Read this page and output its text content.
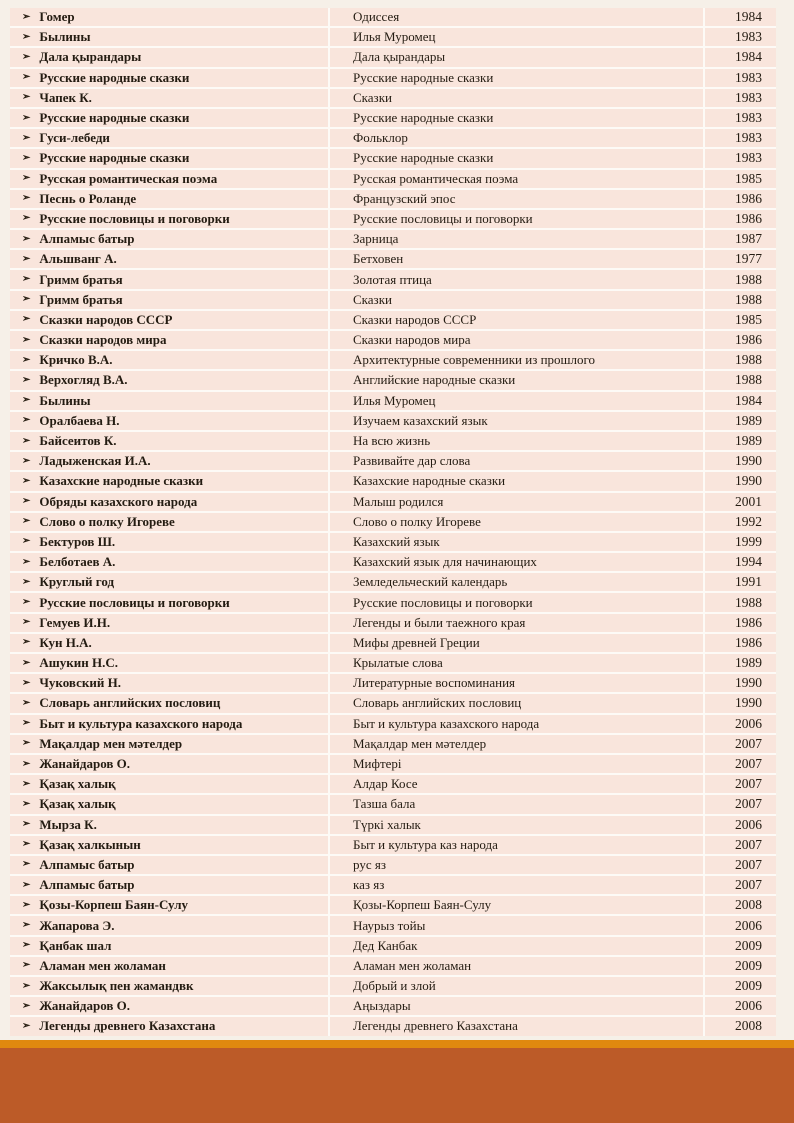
➢ Гомер	Одиссея	1984
➢ Былины	Илья Муромец	1983
➢ Дала қырандары	Дала қырандары	1984
➢ Русские народные сказки	Русские народные сказки	1983
➢ Чапек К.	Сказки	1983
➢ Русские народные сказки	Русские народные сказки	1983
➢ Гуси-лебеди	Фольклор	1983
➢ Русские народные сказки	Русские народные сказки	1983
➢ Русская романтическая поэма	Русская романтическая поэма	1985
➢ Песнь о Роланде	Французский эпос	1986
➢ Русские пословицы и поговорки	Русские пословицы и поговорки	1986
➢ Алпамыс батыр	Зарница	1987
➢ Альшванг А.	Бетховен	1977
➢ Гримм братья	Золотая птица	1988
➢ Гримм братья	Сказки	1988
➢ Сказки народов СССР	Сказки народов СССР	1985
➢ Сказки народов мира	Сказки народов мира	1986
➢ Кричко В.А.	Архитектурные современники из прошлого	1988
➢ Верхогляд В.А.	Английские народные сказки	1988
➢ Былины	Илья Муромец	1984
➢ Оралбаева Н.	Изучаем казахский язык	1989
➢ Байсеитов К.	На всю жизнь	1989
➢ Ладыженская И.А.	Развивайте дар слова	1990
➢ Казахские народные сказки	Казахские народные сказки	1990
➢ Обряды казахского народа	Малыш родился	2001
➢ Слово о полку Игореве	Слово о полку Игореве	1992
➢ Бектуров Ш.	Казахский язык	1999
➢ Белботаев А.	Казахский язык для начинающих	1994
➢ Круглый год	Земледельческий календарь	1991
➢ Русские пословицы и поговорки	Русские пословицы и поговорки	1988
➢ Гемуев И.Н.	Легенды и были таежного края	1986
➢ Кун Н.А.	Мифы древней Греции	1986
➢ Ашукин Н.С.	Крылатые слова	1989
➢ Чуковский Н.	Литературные воспоминания	1990
➢ Словарь английских пословиц	Словарь английских пословиц	1990
➢ Быт и культура казахского народа	Быт и культура казахского народа	2006
➢ Мақалдар мен мәтелдер	Мақалдар мен мәтелдер	2007
➢ Жанайдаров О.	Мифтері	2007
➢ Қазақ халық	Алдар Косе	2007
➢ Қазақ халық	Тазша бала	2007
➢ Мырза К.	Түркі халык	2006
➢ Қазақ халкынын	Быт и культура каз народа	2007
➢ Алпамыс батыр	рус яз	2007
➢ Алпамыс батыр	каз яз	2007
➢ Қозы-Корпеш Баян-Сулу	Қозы-Корпеш Баян-Сулу	2008
➢ Жапарова Э.	Наурыз тойы	2006
➢ Қанбак шал	Дед Канбак	2009
➢ Аламан мен жоламан	Аламан мен жоламан	2009
➢ Жаксылық пен жамандвк	Добрый и злой	2009
➢ Жанайдаров О.	Аңыздары	2006
➢ Легенды древнего Казахстана	Легенды древнего Казахстана	2008
